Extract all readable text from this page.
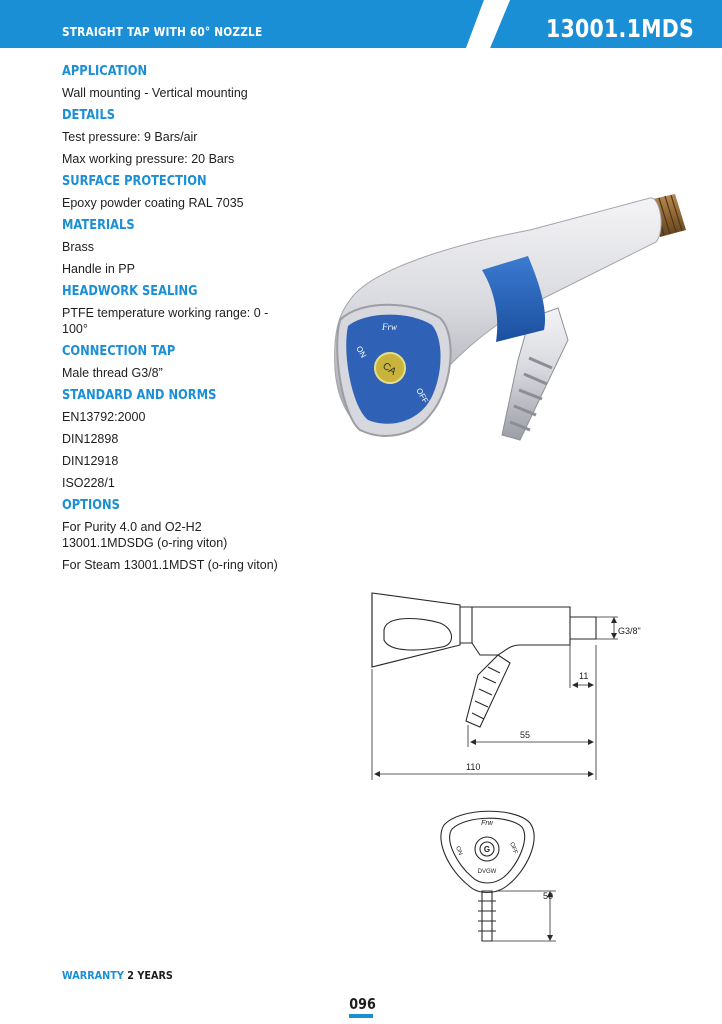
STRAIGHT TAP WITH 60° NOZZLE	13001.1MDS
APPLICATION
Wall mounting - Vertical mounting
DETAILS
Test pressure: 9 Bars/air
Max working pressure: 20 Bars
SURFACE PROTECTION
Epoxy powder coating RAL 7035
MATERIALS
Brass
Handle in PP
HEADWORK SEALING
PTFE temperature working range: 0 - 100°
CONNECTION TAP
Male thread G3/8”
STANDARD AND NORMS
EN13792:2000
DIN12898
DIN12918
ISO228/1
OPTIONS
For Purity 4.0 and O2-H2 13001.1MDSDG (o-ring viton)
For Steam 13001.1MDST (o-ring viton)
CA
ON
OFF
Frw
G3/8"
11
55
110
Frw
ON	OFF
G
DVGW
50
WARRANTY 2 YEARS
096
